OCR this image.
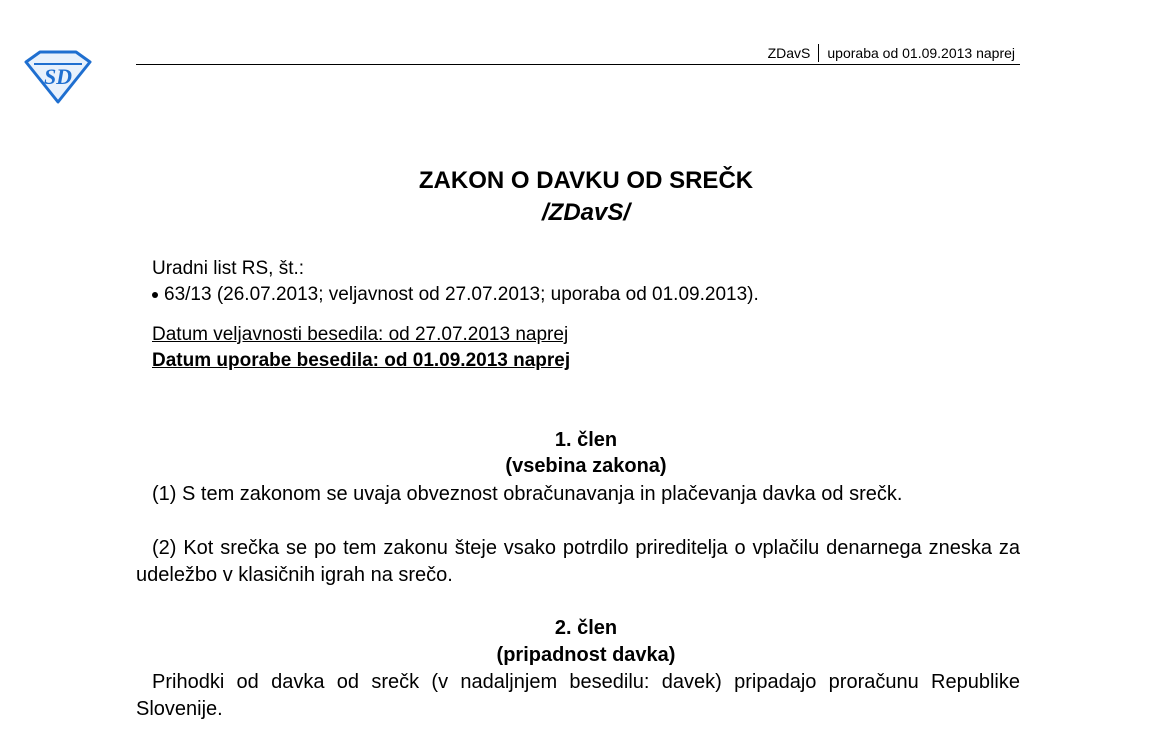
SD
ZDavS uporaba od 01.09.2013 naprej
ZAKON O DAVKU OD SREČK
/ZDavS/
Uradni list RS, št.:
63/13 (26.07.2013; veljavnost od 27.07.2013; uporaba od 01.09.2013).
Datum veljavnosti besedila: od 27.07.2013 naprej
Datum uporabe besedila: od 01.09.2013 naprej
1. člen
(vsebina zakona)
(1) S tem zakonom se uvaja obveznost obračunavanja in plačevanja davka od srečk.
(2) Kot srečka se po tem zakonu šteje vsako potrdilo prireditelja o vplačilu denarnega zneska za udeležbo v klasičnih igrah na srečo.
2. člen
(pripadnost davka)
Prihodki od davka od srečk (v nadaljnjem besedilu: davek) pripadajo proračunu Republike Slovenije.
